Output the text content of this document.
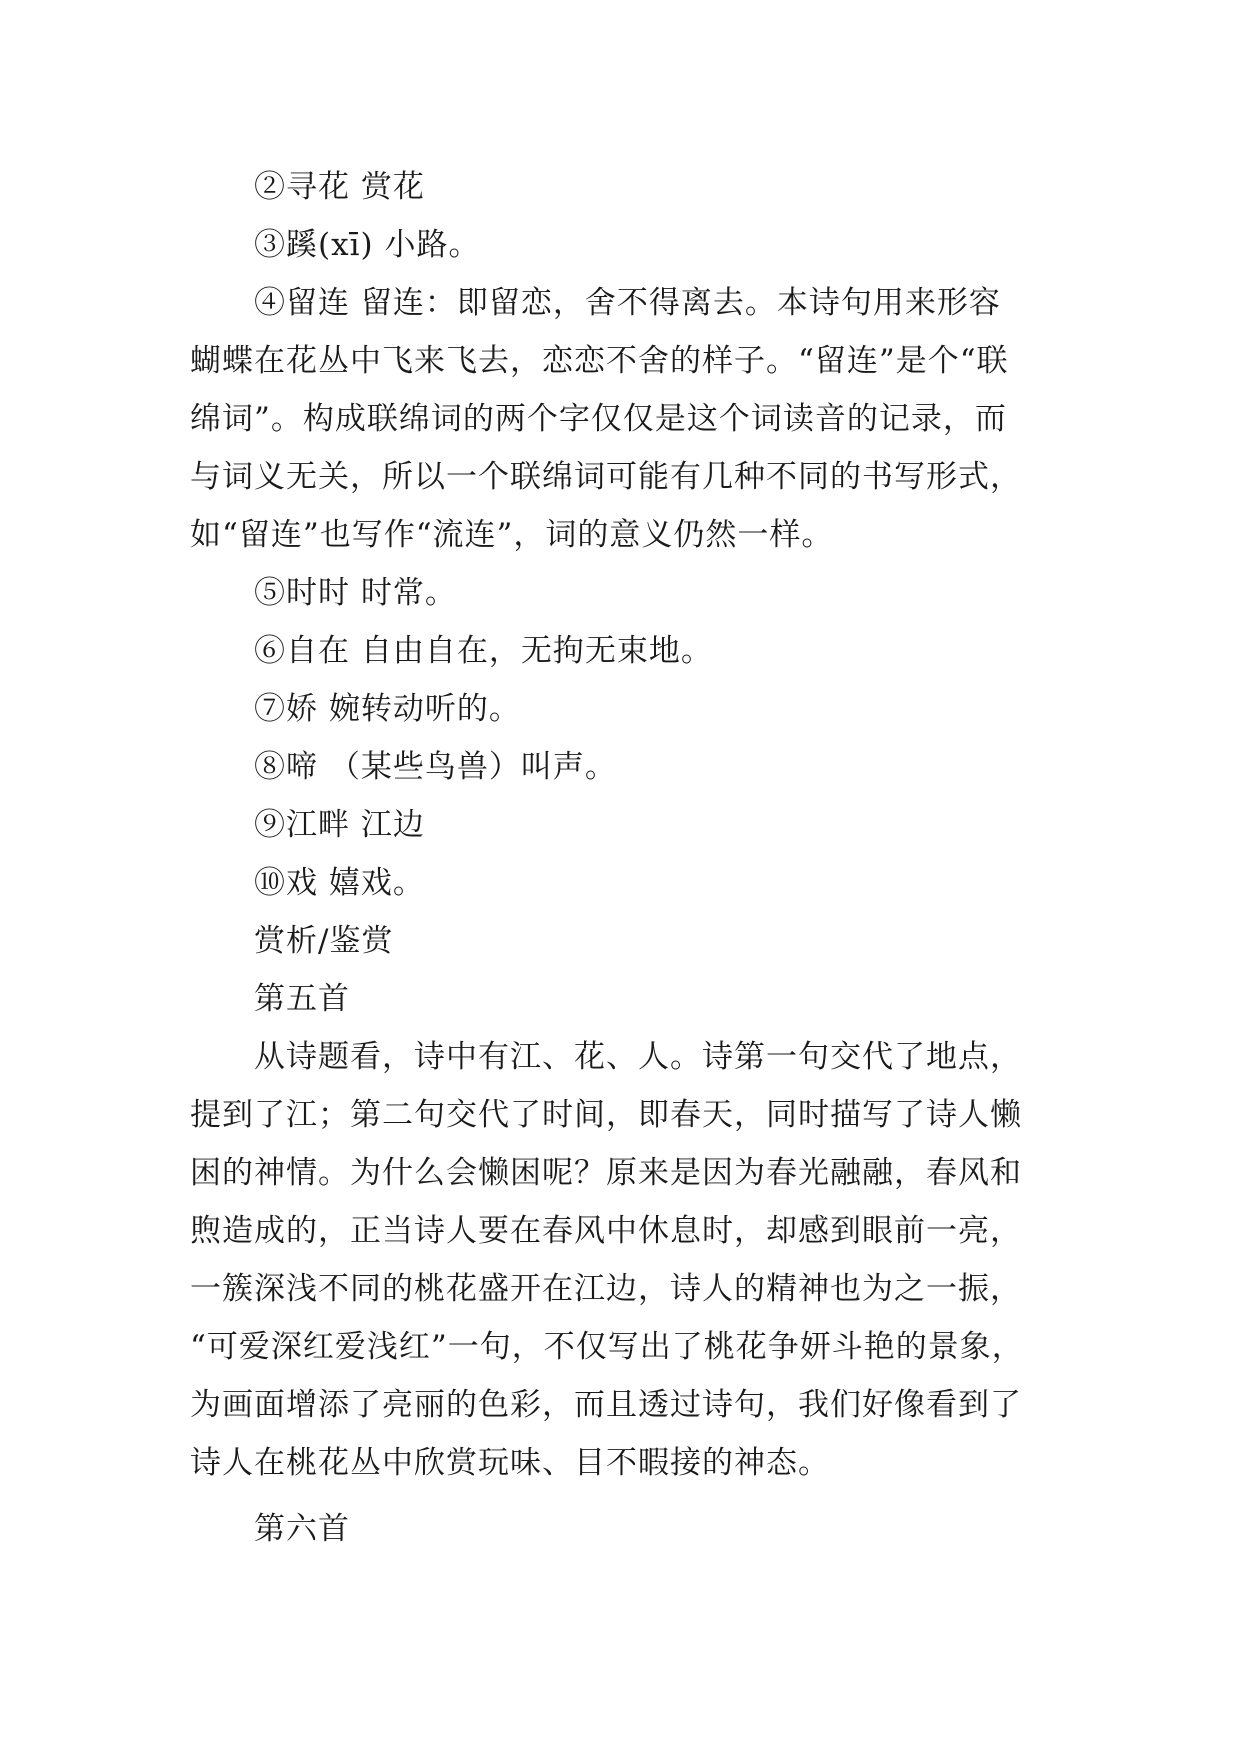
②寻花 赏花
③蹊(xī) 小路。
④留连 留连：即留恋，舍不得离去。本诗句用来形容
蝴蝶在花丛中飞来飞去，恋恋不舍的样子。“留连”是个“联
绵词”。构成联绵词的两个字仅仅是这个词读音的记录，而
与词义无关，所以一个联绵词可能有几种不同的书写形式，
如“留连”也写作“流连”，词的意义仍然一样。
⑤时时 时常。
⑥自在 自由自在，无拘无束地。
⑦娇 婉转动听的。
⑧啼 （某些鸟兽）叫声。
⑨江畔 江边
⑩戏 嬉戏。
赏析/鉴赏
第五首
从诗题看，诗中有江、花、人。诗第一句交代了地点，
提到了江；第二句交代了时间，即春天，同时描写了诗人懒
困的神情。为什么会懒困呢？原来是因为春光融融，春风和
煦造成的，正当诗人要在春风中休息时，却感到眼前一亮，
一簇深浅不同的桃花盛开在江边，诗人的精神也为之一振，
“可爱深红爱浅红”一句，不仅写出了桃花争妍斗艳的景象，
为画面增添了亮丽的色彩，而且透过诗句，我们好像看到了
诗人在桃花丛中欣赏玩味、目不暇接的神态。
第六首
